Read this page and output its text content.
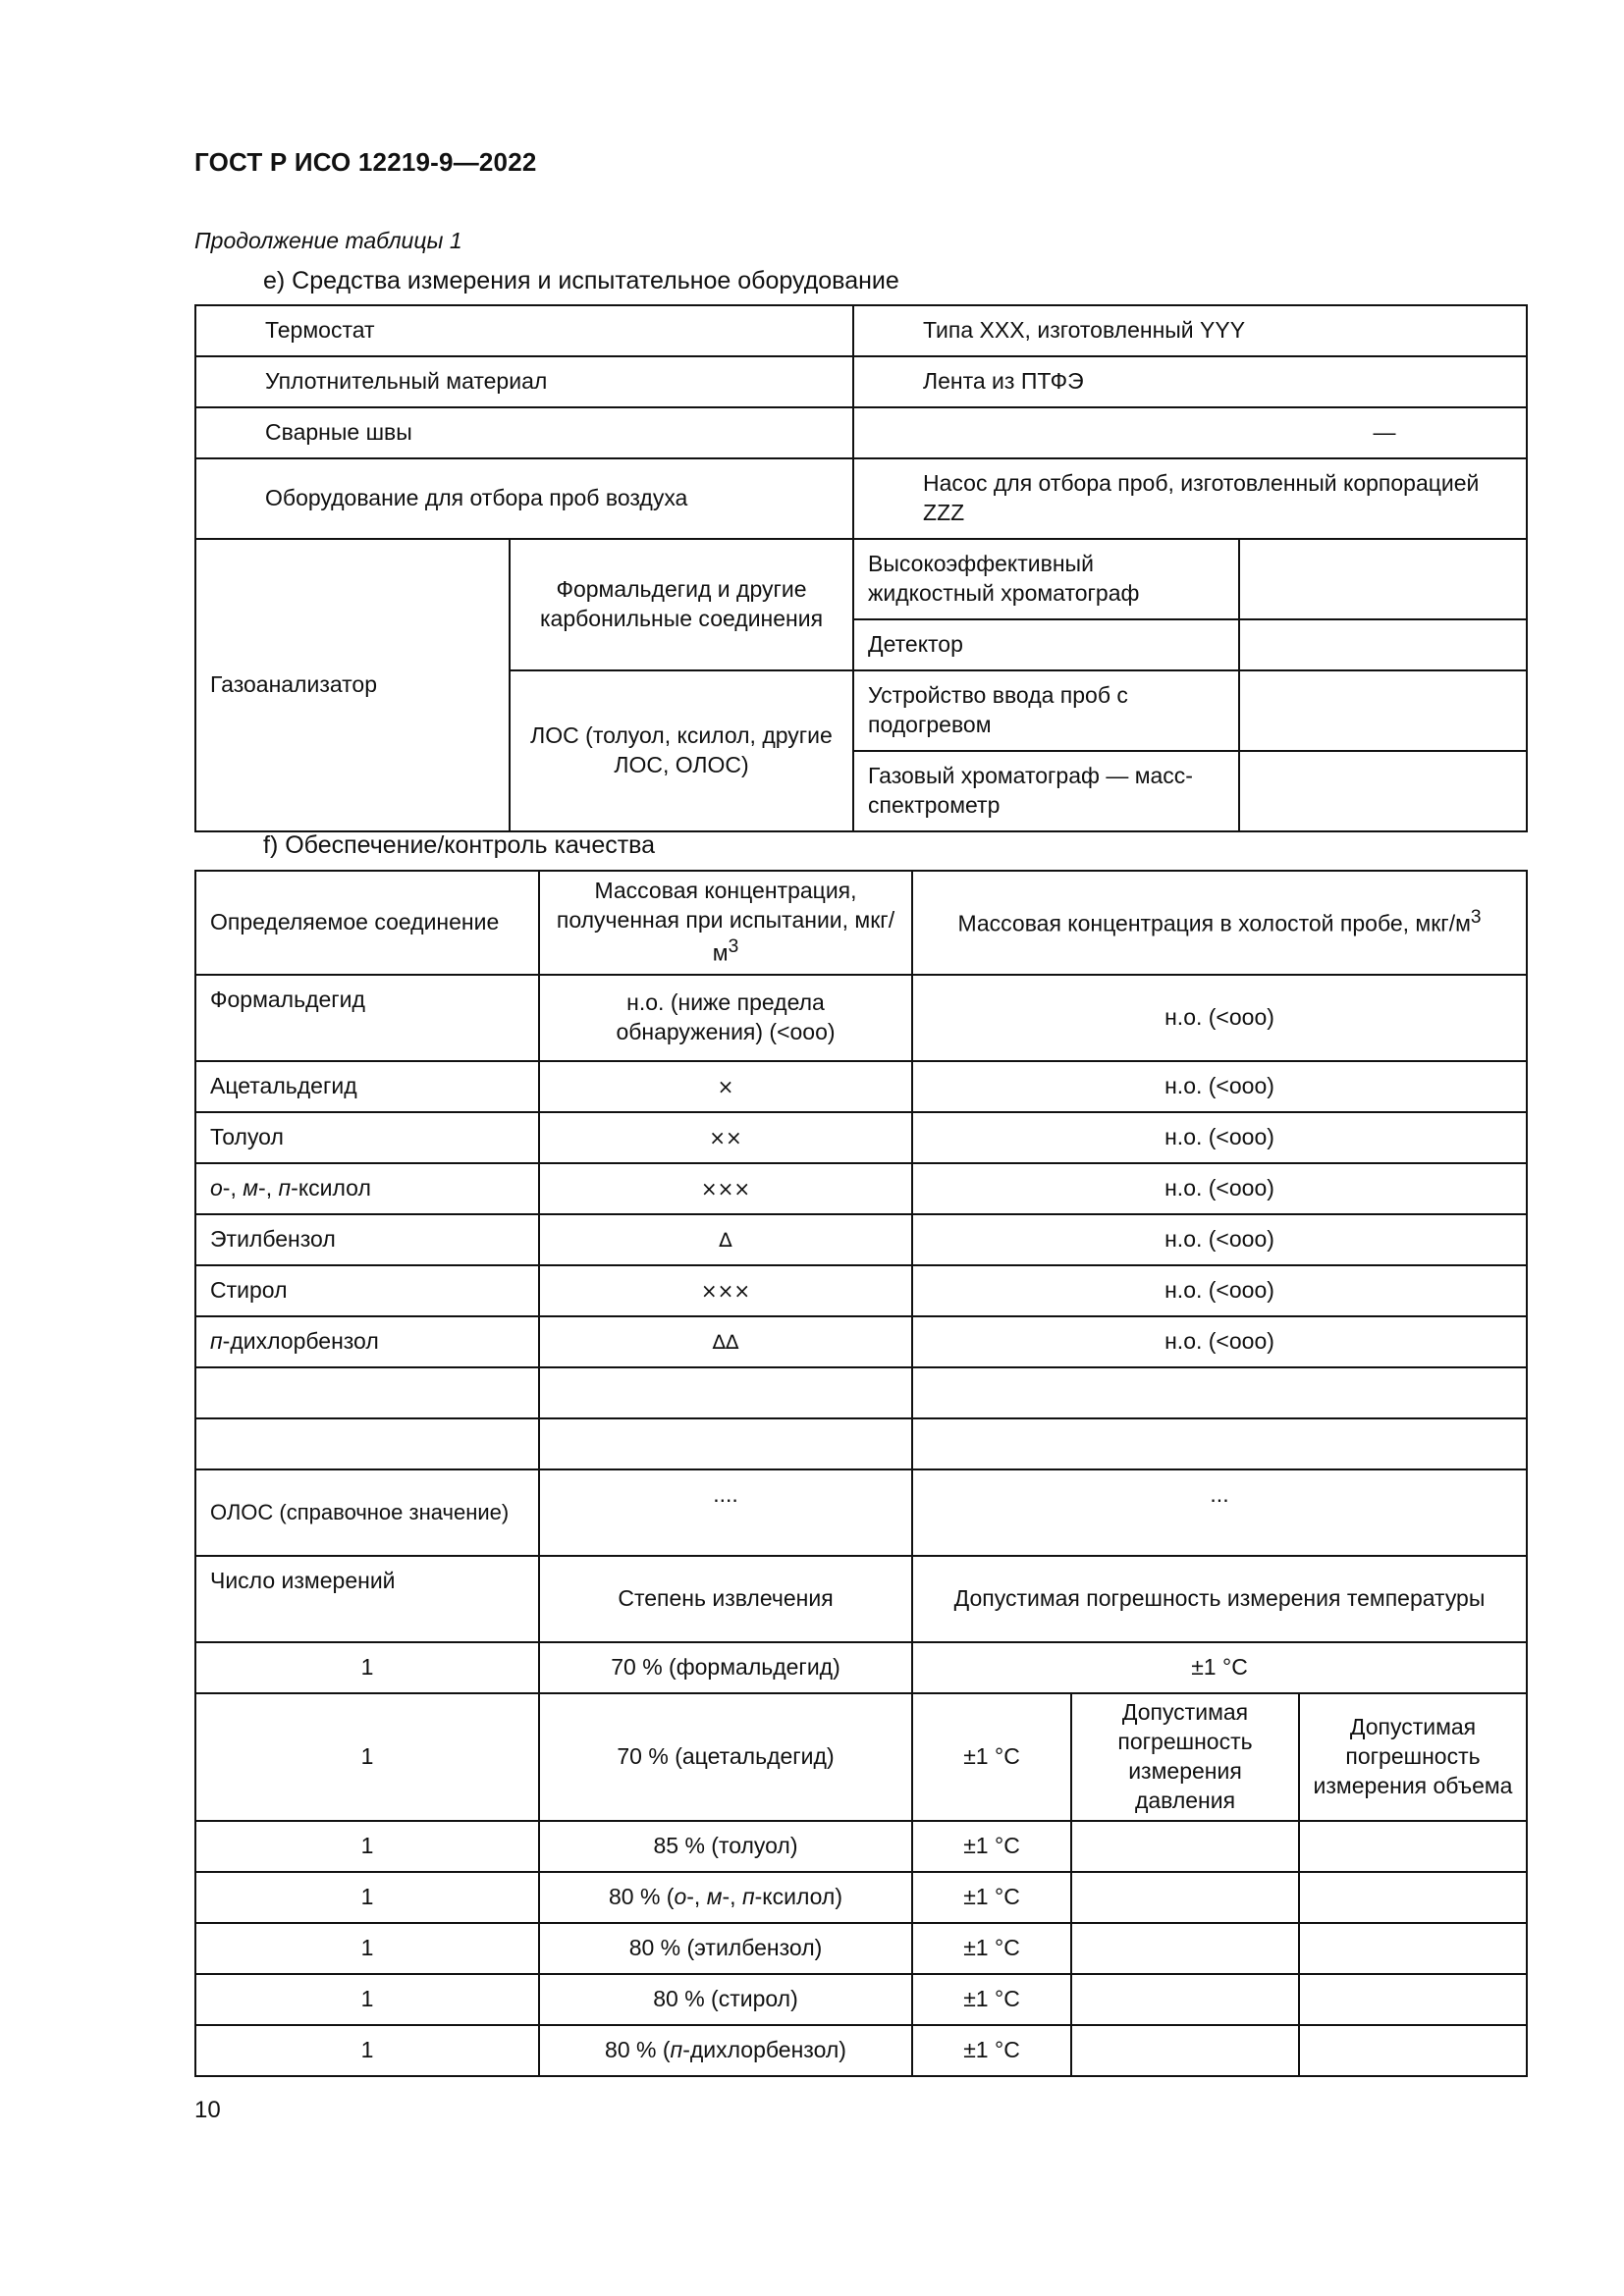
ГОСТ Р ИСО 12219-9—2022
Продолжение таблицы 1
е) Средства измерения и испытательное оборудование
Термостат		Типа XXX, изготовленный YYY	
Уплотнительный материал		Лента из ПТФЭ	
Сварные швы		—	
Оборудование для отбора проб воздуха		Насос для отбора проб, изготовленный корпорацией ZZZ	
Газоанализатор	Формальдегид и другие карбонильные соединения	Высокоэффективный жидкостный хроматограф	
		Детектор	
	ЛОС (толуол, ксилол, другие ЛОС, ОЛОС)	Устройство ввода проб с подогревом	
		Газовый хроматограф — масс-спектрометр	
f) Обеспечение/контроль качества
Определяемое соединение	Массовая концентрация, полученная при испытании, мкг/$м^3$	Массовая концентрация в холостой пробе, мкг/$м^3$
Формальдегид	н.о. (ниже предела обнаружения) (<ooo)	н.о. (<ooo)		
Ацетальдегид	×	н.о. (<ooo)		
Толуол	××	н.о. (<ooo)		
о-, м-, п-ксилол	×××	н.о. (<ooo)		
Этилбензол	∆	н.о. (<ooo)		
Стирол	×××	н.о. (<ooo)		
п-дихлорбензол	∆∆	н.о. (<ooo)		

ОЛОС (справочное значение)	....	...		
Число измерений	Степень извлечения	Допустимая погрешность измерения температуры		
1	70 % (формальдегид)	±1 °C		
1	70 % (ацетальдегид)	±1 °C	Допустимая погрешность измерения давления	Допустимая погрешность измерения объема
1	85 % (толуол)	±1 °C		
1	80 % (о-, м-, п-ксилол)	±1 °C		
1	80 % (этилбензол)	±1 °C		
1	80 % (стирол)	±1 °C		
1	80 % (п-дихлорбензол)	±1 °C		
10
